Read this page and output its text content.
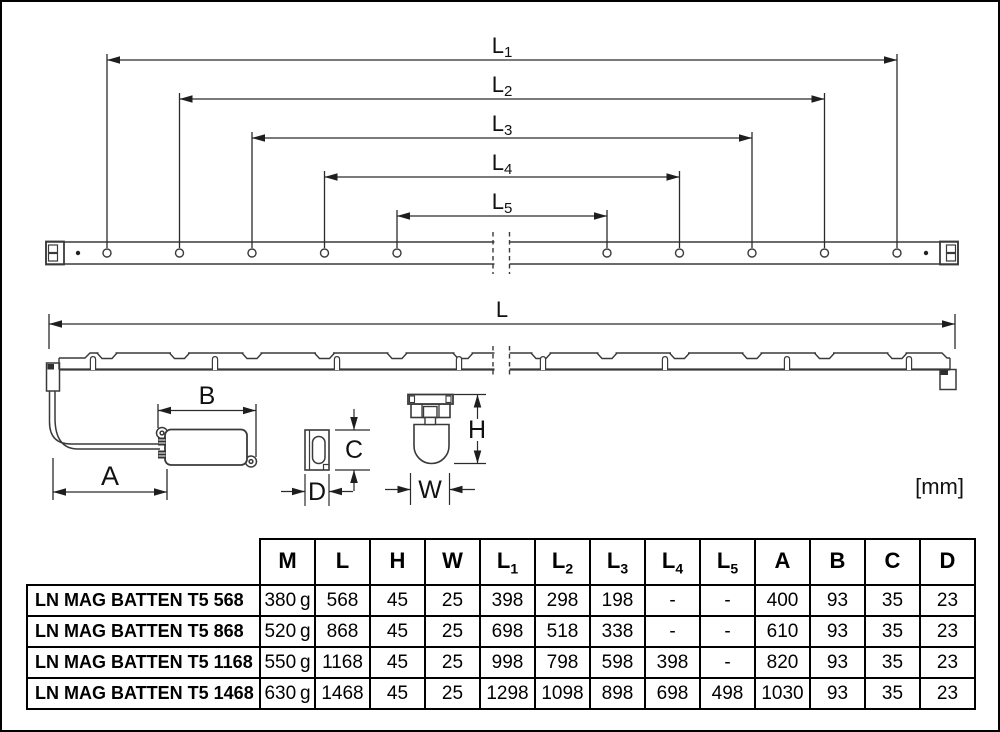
L1
L2
L3
L4
L5
L
B
A
C
D
H
W	[mm]
	M	L	H	W	$L_1$	$L_2$	$L_3$	$L_4$	$L_5$	A	B	C	D
LN MAG BATTEN T5 568	380 g	568	45	25	398	298	198	-	-	400	93	35	23
LN MAG BATTEN T5 868	520 g	868	45	25	698	518	338	-	-	610	93	35	23
LN MAG BATTEN T5 1168	550 g	1168	45	25	998	798	598	398	-	820	93	35	23
LN MAG BATTEN T5 1468	630 g	1468	45	25	1298	1098	898	698	498	1030	93	35	23
